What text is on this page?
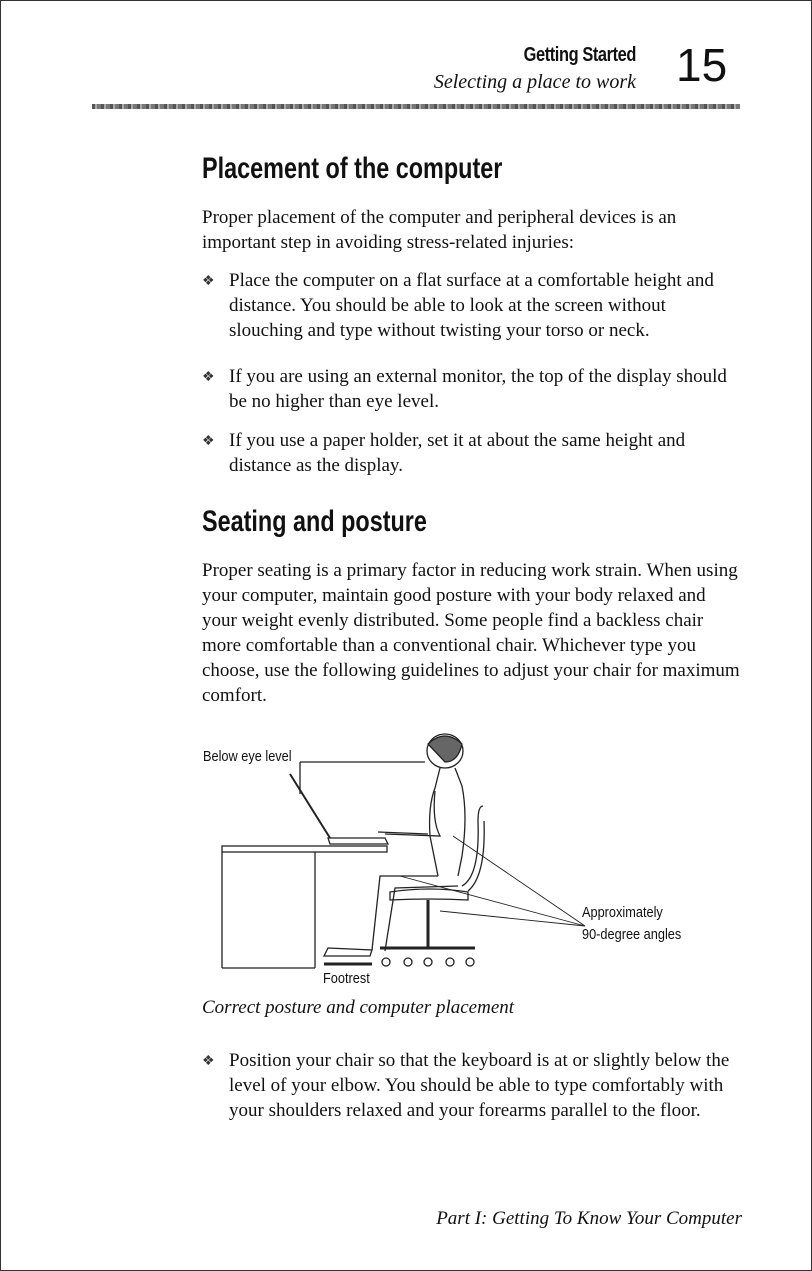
Getting Started
Selecting a place to work 15
Placement of the computer

Proper placement of the computer and peripheral devices is an important step in avoiding stress-related injuries:

❖ Place the computer on a flat surface at a comfortable height and distance. You should be able to look at the screen without slouching and type without twisting your torso or neck.
❖ If you are using an external monitor, the top of the display should be no higher than eye level.
❖ If you use a paper holder, set it at about the same height and distance as the display.
Seating and posture

Proper seating is a primary factor in reducing work strain. When using your computer, maintain good posture with your body relaxed and your weight evenly distributed. Some people find a backless chair more comfortable than a conventional chair. Whichever type you choose, use the following guidelines to adjust your chair for maximum comfort.

Below eye level
Approximately
90-degree angles
Footrest
Correct posture and computer placement
❖ Position your chair so that the keyboard is at or slightly below the level of your elbow. You should be able to type comfortably with your shoulders relaxed and your forearms parallel to the floor.
Part I: Getting To Know Your Computer
